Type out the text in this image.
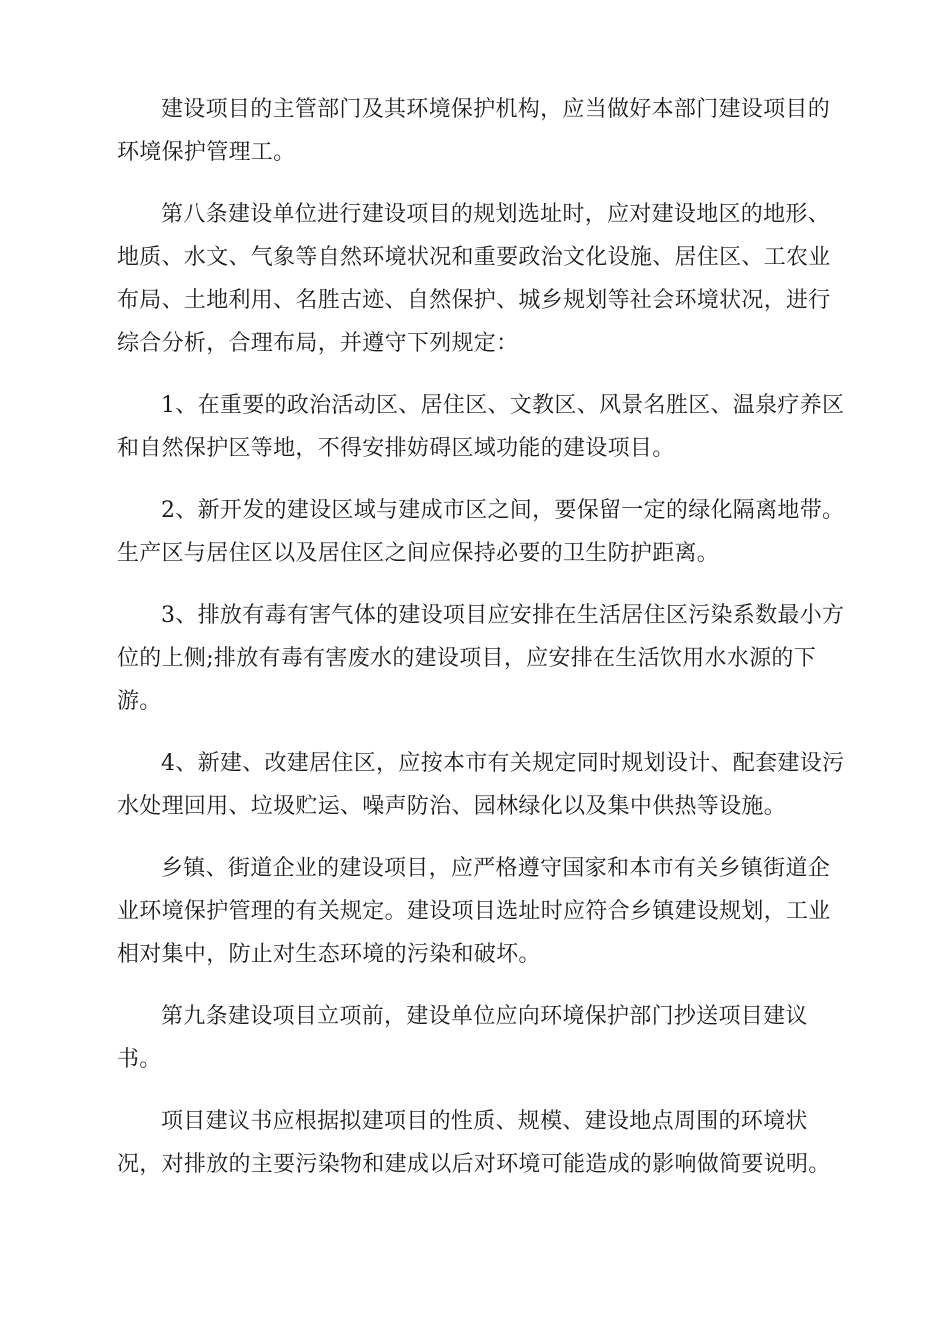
建设项目的主管部门及其环境保护机构，应当做好本部门建设项目的环境保护管理工。

第八条建设单位进行建设项目的规划选址时，应对建设地区的地形、地质、水文、气象等自然环境状况和重要政治文化设施、居住区、工农业布局、土地利用、名胜古迹、自然保护、城乡规划等社会环境状况，进行综合分析，合理布局，并遵守下列规定：

1、在重要的政治活动区、居住区、文教区、风景名胜区、温泉疗养区和自然保护区等地，不得安排妨碍区域功能的建设项目。

2、新开发的建设区域与建成市区之间，要保留一定的绿化隔离地带。生产区与居住区以及居住区之间应保持必要的卫生防护距离。

3、排放有毒有害气体的建设项目应安排在生活居住区污染系数最小方位的上侧;排放有毒有害废水的建设项目，应安排在生活饮用水水源的下游。

4、新建、改建居住区，应按本市有关规定同时规划设计、配套建设污水处理回用、垃圾贮运、噪声防治、园林绿化以及集中供热等设施。

乡镇、街道企业的建设项目，应严格遵守国家和本市有关乡镇街道企业环境保护管理的有关规定。建设项目选址时应符合乡镇建设规划，工业相对集中，防止对生态环境的污染和破坏。

第九条建设项目立项前，建设单位应向环境保护部门抄送项目建议书。

项目建议书应根据拟建项目的性质、规模、建设地点周围的环境状况，对排放的主要污染物和建成以后对环境可能造成的影响做简要说明。
